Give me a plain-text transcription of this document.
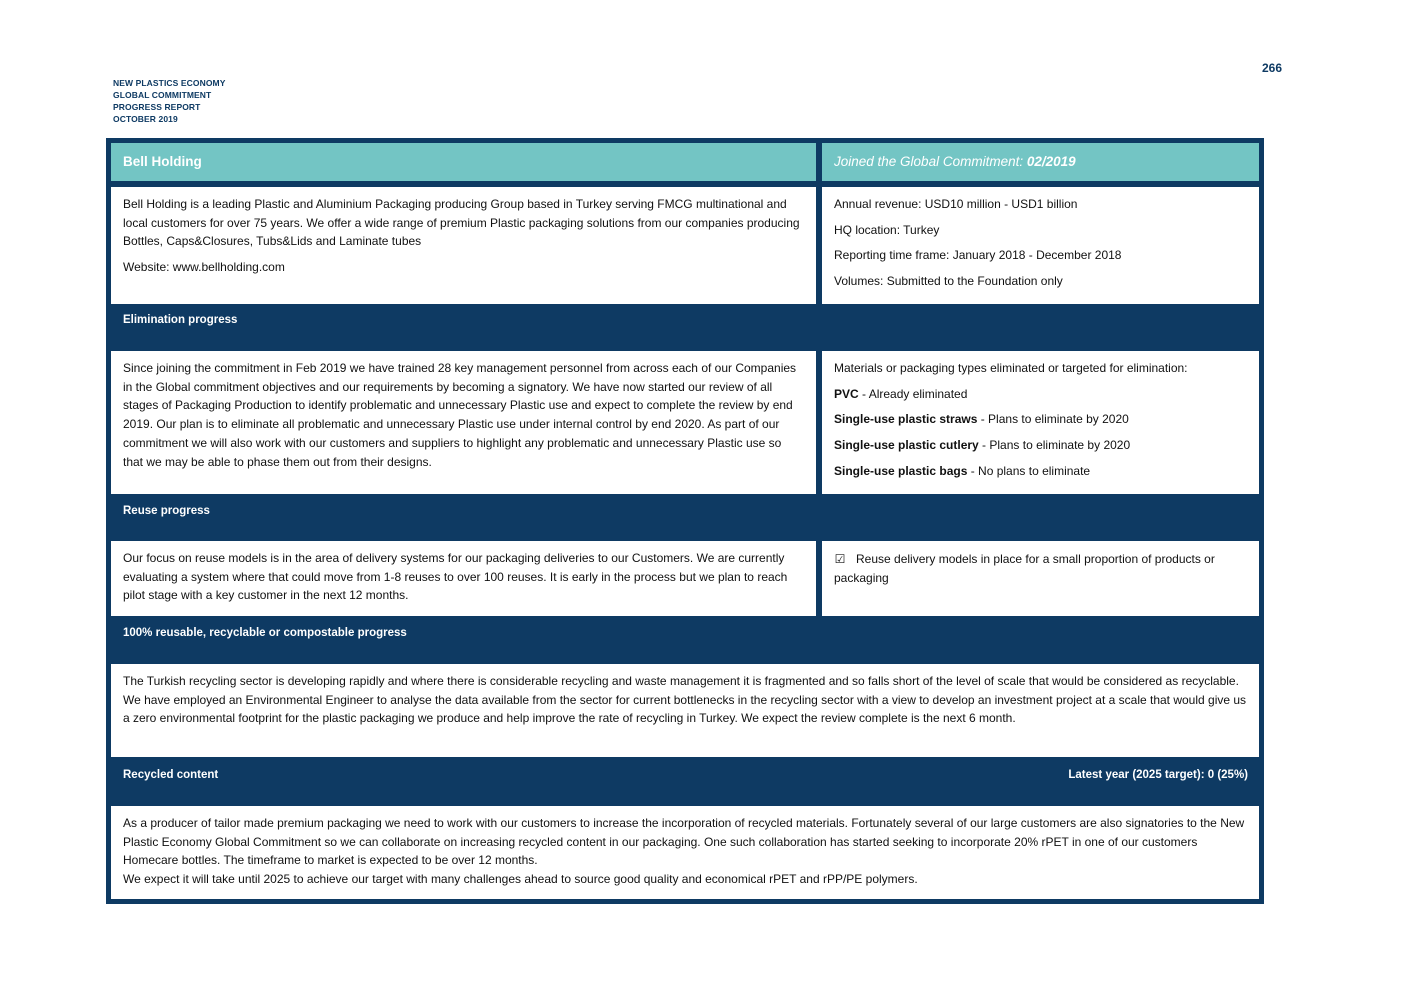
NEW PLASTICS ECONOMY
GLOBAL COMMITMENT
PROGRESS REPORT
OCTOBER 2019
266
Bell Holding	Joined the Global Commitment: 02/2019

Bell Holding is a leading Plastic and Aluminium Packaging producing Group based in Turkey serving FMCG multinational and local customers for over 75 years. We offer a wide range of premium Plastic packaging solutions from our companies producing Bottles, Caps&Closures, Tubs&Lids and Laminate tubes

Website: www.bellholding.com

Annual revenue: USD10 million - USD1 billion

HQ location: Turkey

Reporting time frame: January 2018 - December 2018

Volumes: Submitted to the Foundation only

Elimination progress

Since joining the commitment in Feb 2019 we have trained 28 key management personnel from across each of our Companies in the Global commitment objectives and our requirements by becoming a signatory. We have now started our review of all stages of Packaging Production to identify problematic and unnecessary Plastic use and expect to complete the review by end 2019. Our plan is to eliminate all problematic and unnecessary Plastic use under internal control by end 2020. As part of our commitment we will also work with our customers and suppliers to highlight any problematic and unnecessary Plastic use so that we may be able to phase them out from their designs.

Materials or packaging types eliminated or targeted for elimination:

PVC - Already eliminated

Single-use plastic straws - Plans to eliminate by 2020

Single-use plastic cutlery - Plans to eliminate by 2020

Single-use plastic bags - No plans to eliminate

Reuse progress

Our focus on reuse models is in the area of delivery systems for our packaging deliveries to our Customers. We are currently evaluating a system where that could move from 1-8 reuses to over 100 reuses. It is early in the process but we plan to reach pilot stage with a key customer in the next 12 months.

☑ Reuse delivery models in place for a small proportion of products or packaging
100% reusable, recyclable or compostable progress
The Turkish recycling sector is developing rapidly and where there is considerable recycling and waste management it is fragmented and so falls short of the level of scale that would be considered as recyclable.
We have employed an Environmental Engineer to analyse the data available from the sector for current bottlenecks in the recycling sector with a view to develop an investment project at a scale that would give us a zero environmental footprint for the plastic packaging we produce and help improve the rate of recycling in Turkey. We expect the review complete is the next 6 month.
Recycled content	Latest year (2025 target): 0 (25%)
As a producer of tailor made premium packaging we need to work with our customers to increase the incorporation of recycled materials. Fortunately several of our large customers are also signatories to the New Plastic Economy Global Commitment so we can collaborate on increasing recycled content in our packaging. One such collaboration has started seeking to incorporate 20% rPET in one of our customers Homecare bottles. The timeframe to market is expected to be over 12 months.
We expect it will take until 2025 to achieve our target with many challenges ahead to source good quality and economical rPET and rPP/PE polymers.
